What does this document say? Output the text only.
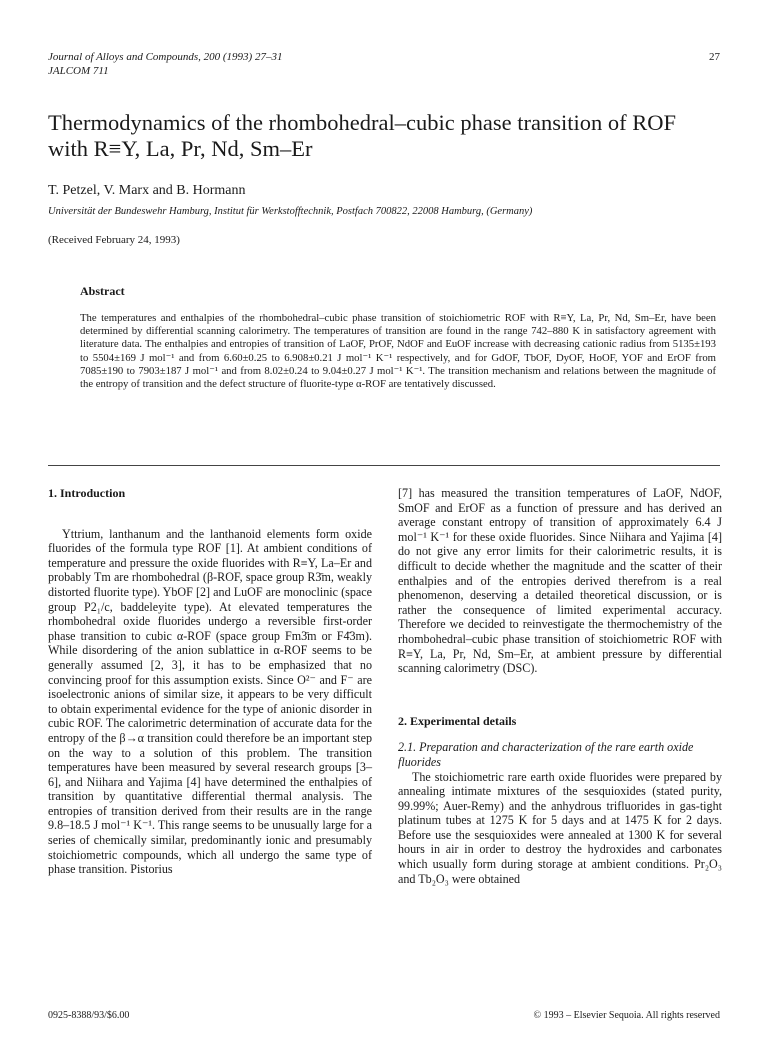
Journal of Alloys and Compounds, 200 (1993) 27–31
JALCOM 711
27
Thermodynamics of the rhombohedral–cubic phase transition of ROF with R≡Y, La, Pr, Nd, Sm–Er
T. Petzel, V. Marx and B. Hormann
Universität der Bundeswehr Hamburg, Institut für Werkstofftechnik, Postfach 700822, 22008 Hamburg, (Germany)
(Received February 24, 1993)
Abstract
The temperatures and enthalpies of the rhombohedral–cubic phase transition of stoichiometric ROF with R≡Y, La, Pr, Nd, Sm–Er, have been determined by differential scanning calorimetry. The temperatures of transition are found in the range 742–880 K in satisfactory agreement with literature data. The enthalpies and entropies of transition of LaOF, PrOF, NdOF and EuOF increase with decreasing cationic radius from 5135±193 to 5504±169 J mol⁻¹ and from 6.60±0.25 to 6.908±0.21 J mol⁻¹ K⁻¹ respectively, and for GdOF, TbOF, DyOF, HoOF, YOF and ErOF from 7085±190 to 7903±187 J mol⁻¹ and from 8.02±0.24 to 9.04±0.27 J mol⁻¹ K⁻¹. The transition mechanism and relations between the magnitude of the entropy of transition and the defect structure of fluorite-type α-ROF are tentatively discussed.
1. Introduction

Yttrium, lanthanum and the lanthanoid elements form oxide fluorides of the formula type ROF [1]. At ambient conditions of temperature and pressure the oxide fluorides with R≡Y, La–Er and probably Tm are rhombohedral (β-ROF, space group R3̄m, weakly distorted fluorite type). YbOF [2] and LuOF are monoclinic (space group P2₁/c, baddeleyite type). At elevated temperatures the rhombohedral oxide fluorides undergo a reversible first-order phase transition to cubic α-ROF (space group Fm3̄m or F4̄3m). While disordering of the anion sublattice in α-ROF seems to be generally assumed [2, 3], it has to be emphasized that no convincing proof for this assumption exists. Since O²⁻ and F⁻ are isoelectronic anions of similar size, it appears to be very difficult to obtain experimental evidence for the type of anionic disorder in cubic ROF. The calorimetric determination of accurate data for the entropy of the β→α transition could therefore be an important step on the way to a solution of this problem. The transition temperatures have been measured by several research groups [3–6], and Niihara and Yajima [4] have determined the enthalpies of transition by quantitative differential thermal analysis. The entropies of transition derived from their results are in the range 9.8–18.5 J mol⁻¹ K⁻¹. This range seems to be unusually large for a series of chemically similar, predominantly ionic and presumably stoichiometric compounds, which all undergo the same type of phase transition. Pistorius

[7] has measured the transition temperatures of LaOF, NdOF, SmOF and ErOF as a function of pressure and has derived an average constant entropy of transition of approximately 6.4 J mol⁻¹ K⁻¹ for these oxide fluorides. Since Niihara and Yajima [4] do not give any error limits for their calorimetric results, it is difficult to decide whether the magnitude and the scatter of their enthalpies and of the entropies derived therefrom is a real phenomenon, deserving a detailed theoretical discussion, or is rather the consequence of limited experimental accuracy. Therefore we decided to reinvestigate the thermochemistry of the rhombohedral–cubic phase transition of stoichiometric ROF with R≡Y, La, Pr, Nd, Sm–Er, at ambient pressure by differential scanning calorimetry (DSC).

2. Experimental details
2.1. Preparation and characterization of the rare earth oxide fluorides

The stoichiometric rare earth oxide fluorides were prepared by annealing intimate mixtures of the sesquioxides (stated purity, 99.99%; Auer-Remy) and the anhydrous trifluorides in gas-tight platinum tubes at 1275 K for 5 days and at 1475 K for 2 days. Before use the sesquioxides were annealed at 1300 K for several hours in air in order to destroy the hydroxides and carbonates which usually form during storage at ambient conditions. Pr₂O₃ and Tb₂O₃ were obtained

0925-8388/93/$6.00	© 1993 – Elsevier Sequoia. All rights reserved
